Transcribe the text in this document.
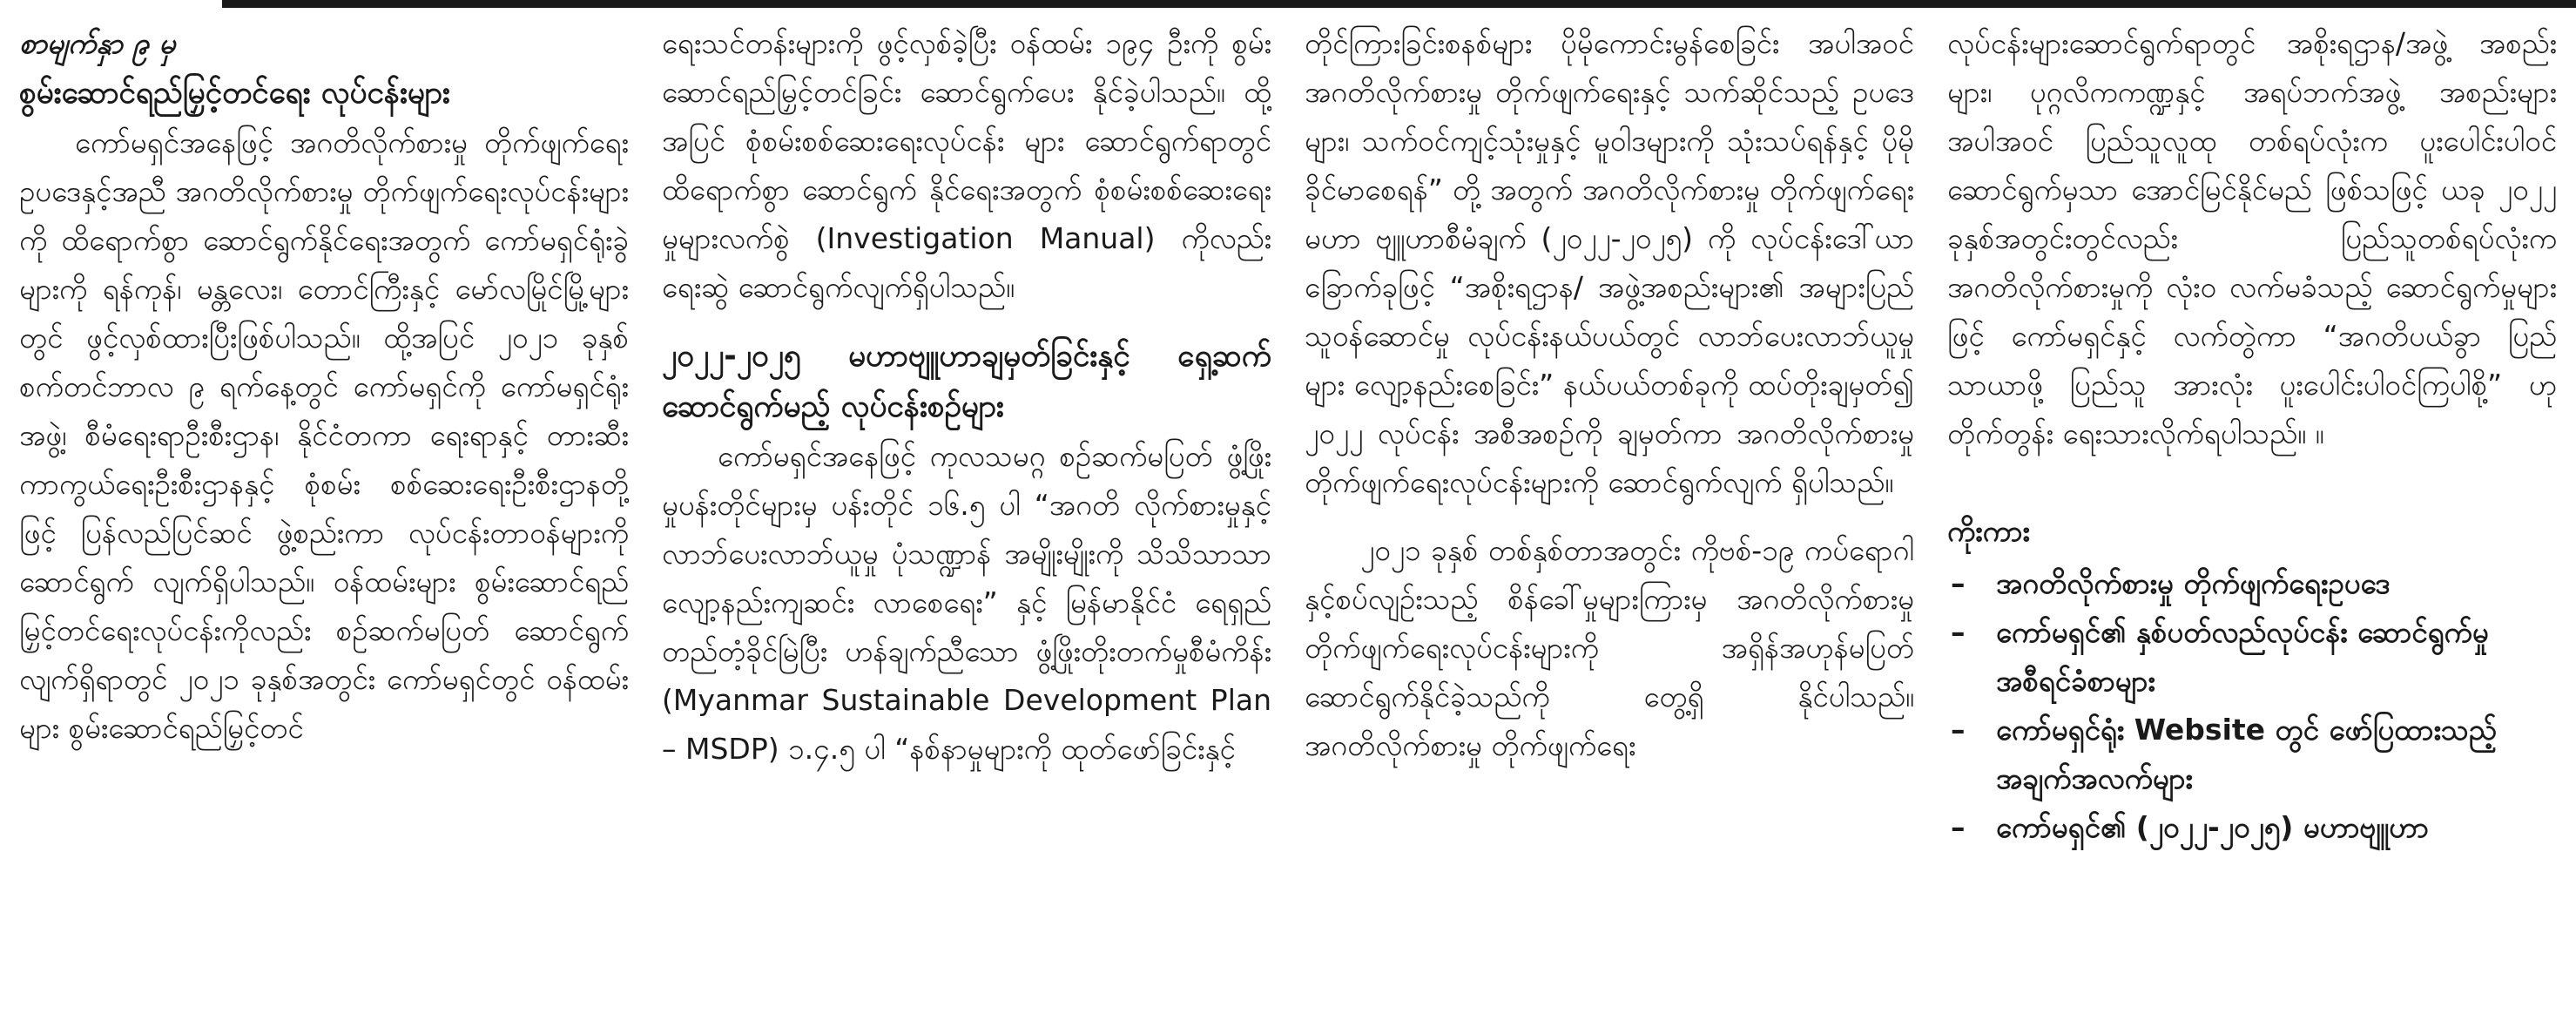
စာမျက်နှာ ၉ မှ

စွမ်းဆောင်ရည်မြှင့်တင်ရေး လုပ်ငန်းများ

ကော်မရှင်အနေဖြင့် အဂတိလိုက်စားမှု တိုက်ဖျက်ရေးဥပဒေနှင့်အညီ အဂတိလိုက်စားမှု တိုက်ဖျက်ရေးလုပ်ငန်းများကို ထိရောက်စွာ ဆောင်ရွက်နိုင်ရေးအတွက် ကော်မရှင်ရုံးခွဲများကို ရန်ကုန်၊ မန္တလေး၊ တောင်ကြီးနှင့် မော်လမြိုင်မြို့များတွင် ဖွင့်လှစ်ထားပြီးဖြစ်ပါသည်။ ထို့အပြင် ၂၀၂၁ ခုနှစ် စက်တင်ဘာလ ၉ ရက်နေ့တွင် ကော်မရှင်ကို ကော်မရှင်ရုံးအဖွဲ့၊ စီမံရေးရာဦးစီးဌာန၊ နိုင်ငံတကာ ရေးရာနှင့် တားဆီးကာကွယ်ရေးဦးစီးဌာနနှင့် စုံစမ်း စစ်ဆေးရေးဦးစီးဌာနတို့ဖြင့် ပြန်လည်ပြင်ဆင် ဖွဲ့စည်းကာ လုပ်ငန်းတာဝန်များကို ဆောင်ရွက် လျက်ရှိပါသည်။ ဝန်ထမ်းများ စွမ်းဆောင်ရည် မြှင့်တင်ရေးလုပ်ငန်းကိုလည်း စဉ်ဆက်မပြတ် ဆောင်ရွက်လျက်ရှိရာတွင် ၂၀၂၁ ခုနှစ်အတွင်း ကော်မရှင်တွင် ဝန်ထမ်းများ စွမ်းဆောင်ရည်မြှင့်တင်

ရေးသင်တန်းများကို ဖွင့်လှစ်ခဲ့ပြီး ဝန်ထမ်း ၁၉၄ ဦးကို စွမ်းဆောင်ရည်မြှင့်တင်ခြင်း ဆောင်ရွက်ပေး နိုင်ခဲ့ပါသည်။ ထို့အပြင် စုံစမ်းစစ်ဆေးရေးလုပ်ငန်း များ ဆောင်ရွက်ရာတွင် ထိရောက်စွာ ဆောင်ရွက် နိုင်ရေးအတွက် စုံစမ်းစစ်ဆေးရေးမှုများလက်စွဲ (Investigation Manual) ကိုလည်း ရေးဆွဲ ဆောင်ရွက်လျက်ရှိပါသည်။

၂၀၂၂-၂၀၂၅ မဟာဗျူဟာချမှတ်ခြင်းနှင့် ရှေ့ဆက်ဆောင်ရွက်မည့် လုပ်ငန်းစဉ်များ

ကော်မရှင်အနေဖြင့် ကုလသမဂ္ဂ စဉ်ဆက်မပြတ် ဖွံ့ဖြိုးမှုပန်းတိုင်များမှ ပန်းတိုင် ၁၆.၅ ပါ “အဂတိ လိုက်စားမှုနှင့်လာဘ်ပေးလာဘ်ယူမှု ပုံသဏ္ဍာန် အမျိုးမျိုးကို သိသိသာသာ လျော့နည်းကျဆင်း လာစေရေး” နှင့် မြန်မာနိုင်ငံ ရေရှည်တည်တံ့ခိုင်မြဲပြီး ဟန်ချက်ညီသော ဖွံ့ဖြိုးတိုးတက်မှုစီမံကိန်း (Myanmar Sustainable Development Plan – MSDP) ၁.၄.၅ ပါ “နစ်နာမှုများကို ထုတ်ဖော်ခြင်းနှင့်

တိုင်ကြားခြင်းစနစ်များ ပိုမိုကောင်းမွန်စေခြင်း အပါအဝင် အဂတိလိုက်စားမှု တိုက်ဖျက်ရေးနှင့် သက်ဆိုင်သည့် ဥပဒေများ၊ သက်ဝင်ကျင့်သုံးမှုနှင့် မူဝါဒများကို သုံးသပ်ရန်နှင့် ပိုမိုခိုင်မာစေရန်” တို့ အတွက် အဂတိလိုက်စားမှု တိုက်ဖျက်ရေး မဟာ ဗျူဟာစီမံချက် (၂၀၂၂-၂၀၂၅) ကို လုပ်ငန်းဒေါ်ယာ ခြောက်ခုဖြင့် “အစိုးရဌာန/ အဖွဲ့အစည်းများ၏ အများပြည်သူဝန်ဆောင်မှု လုပ်ငန်းနယ်ပယ်တွင် လာဘ်ပေးလာဘ်ယူမှုများ လျော့နည်းစေခြင်း” နယ်ပယ်တစ်ခုကို ထပ်တိုးချမှတ်၍ ၂၀၂၂ လုပ်ငန်း အစီအစဉ်ကို ချမှတ်ကာ အဂတိလိုက်စားမှု တိုက်ဖျက်ရေးလုပ်ငန်းများကို ဆောင်ရွက်လျက် ရှိပါသည်။

၂၀၂၁ ခုနှစ် တစ်နှစ်တာအတွင်း ကိုဗစ်-၁၉ ကပ်ရောဂါနှင့်စပ်လျဉ်းသည့် စိန်ခေါ်မှုများကြားမှ အဂတိလိုက်စားမှု တိုက်ဖျက်ရေးလုပ်ငန်းများကို အရှိန်အဟုန်မပြတ် ဆောင်ရွက်နိုင်ခဲ့သည်ကို တွေ့ရှိ နိုင်ပါသည်။ အဂတိလိုက်စားမှု တိုက်ဖျက်ရေး

လုပ်ငန်းများဆောင်ရွက်ရာတွင် အစိုးရဌာန/အဖွဲ့ အစည်းများ၊ ပုဂ္ဂလိကကဏ္ဍနှင့် အရပ်ဘက်အဖွဲ့ အစည်းများအပါအဝင် ပြည်သူလူထု တစ်ရပ်လုံးက ပူးပေါင်းပါဝင်ဆောင်ရွက်မှသာ အောင်မြင်နိုင်မည် ဖြစ်သဖြင့် ယခု ၂၀၂၂ ခုနှစ်အတွင်းတွင်လည်း ပြည်သူတစ်ရပ်လုံးက အဂတိလိုက်စားမှုကို လုံးဝ လက်မခံသည့် ဆောင်ရွက်မှုများဖြင့် ကော်မရှင်နှင့် လက်တွဲကာ “အဂတိပယ်ခွာ ပြည်သာယာဖို့ ပြည်သူ အားလုံး ပူးပေါင်းပါဝင်ကြပါစို့” ဟု တိုက်တွန်း ရေးသားလိုက်ရပါသည်။ ။

ကိုးကား

– အဂတိလိုက်စားမှု တိုက်ဖျက်ရေးဥပဒေ
– ကော်မရှင်၏ နှစ်ပတ်လည်လုပ်ငန်း ဆောင်ရွက်မှု အစီရင်ခံစာများ
– ကော်မရှင်ရုံး Website တွင် ဖော်ပြထားသည့် အချက်အလက်များ
– ကော်မရှင်၏ (၂၀၂၂-၂၀၂၅) မဟာဗျူဟာ
